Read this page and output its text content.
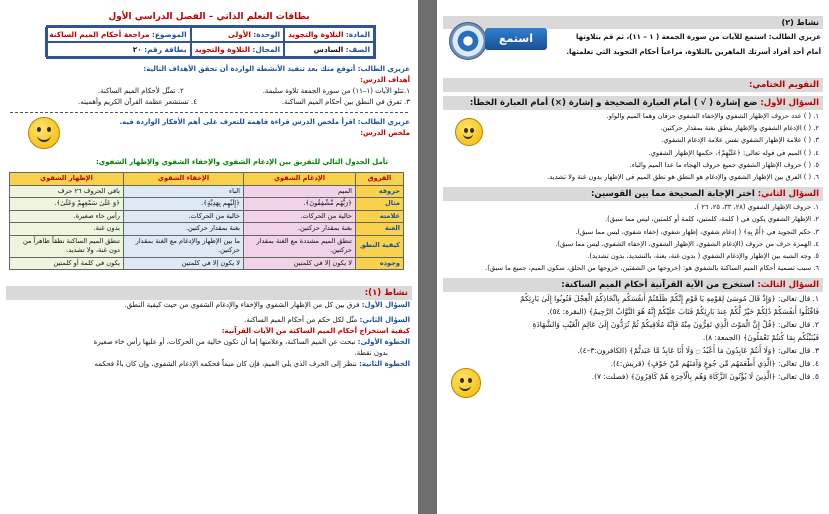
بطاقات التعلم الذاتي – الفصل الدراسي الأول
المادة: التلاوة والتجويد
الوحدة: الأولى
الموضوع: مراجعة أحكام الميم الساكنة
الصف: السادس
المجال: التلاوة والتجويد
بطاقة رقم: ٢٠
عزيزي الطالب: أتوقع منك بعد تنفيذ الأنشطة الواردة أن تحقق الأهداف التالية:
أهداف الدرس:
١.تتلو الآيات (١–١١) من سورة الجمعة تلاوة سليمة.
٢. تمثّل لأحكام الميم الساكنة.
٣. تفرق في النطق بين أحكام الميم الساكنة.
٤. تستشعر عظمة القرآن الكريم وأهميته.
عزيزي الطالب: اقرأ ملخص الدرس قراءة فاهمة للتعرف على أهم الأفكار الواردة فيه.
ملخص الدرس:
تأمل الجدول التالي للتفريق بين الإدغام الشفوي والإخفاء الشفوي والإظهار الشفوي:
الفروق	الإدغام الشفوي	الإخفاء الشفوي	الإظهار الشفوي
حروفه	الميم	الباء	باقي الحروف ٢٦ حرف
مثال	﴿رَبُّهُم مِّشْفِقُونَ﴾.	﴿إِلَيْهِم بِهَدِيَّةٍ﴾.	﴿وَ عَلَىٰ سَمْعِهِمْ وَعَلَىٰ﴾.
علامته	خالية من الحركات.	خالية من الحركات.	رأس خاء صغيرة.
الغنة	بغنة بمقدار حركتين.	بغنة بمقدار حركتين.	بدون غنة.
كيفية النطق	تنطق الميم مشددة مع الغنة بمقدار حركتين.	ما بين الإظهار والإدغام مع الغنة بمقدار حركتين.	تنطق الميم الساكنة نطقاً ظاهراً من دون غنة، ولا تشديد.
وجوده	لا يكون إلا في كلمتين	لا يكون إلا في كلمتين	يكون في كلمة أو كلمتين
نشاط (١):
السؤال الأول: فرق بين كل من الإظهار الشفوي والإخفاء والإدغام الشفوي من حيث كيفية النطق.
السؤال الثاني: مثّل لكل حكم من أحكام الميم الساكنة.
كيفية استخراج أحكام الميم الساكنة من الآيات القرآنية:
الخطوة الأولى: نبحث عن الميم الساكنة، وعلامتها إما أن تكون خالية من الحركات، أو عليها رأس خاء صغيرة
بدون نقطة.
الخطوة الثانية: ننظر إلى الحرف الذي يلي الميم، فإن كان ميماً فحكمه الإدغام الشفوي، وإن كان باءً فحكمه
نشاط (٢)
عزيزي الطالب: استمع للآيات من سورة الجمعة ( ١ – ١١)، ثم قم بتلاوتها
أمام أحد أفراد أسرتك الماهرين بالتلاوة، مراعياً أحكام التجويد التي تعلمتها.
استمع للنص
التقويم الختامي:
السؤال الأول: ضع إشارة ( √ ) أمام العبارة الصحيحة و إشارة (×) أمام العبارة الخطأ:
١. ( ) عدد حروف الإظهار الشفوي والإخفاء الشفوي حرفان وهما الميم والواو.
٢. ( ) الإدغام الشفوي والإظهار ينطق بغنة بمقدار حركتين.
٣. ( ) علامة الإظهار الشفوي نفس علامة الإدغام الشفوي.
٤. ( ) الميم في قوله تعالى: ﴿عَلَيْهِمْ﴾، حكمها الإظهار الشفوي.
٥. ( ) حروف الإظهار الشفوي جميع حروف الهجاء ما عدا الميم والباء.
٦. ( ) الفرق بين الإظهار الشفوي والإدغام هو النطق هو نطق الميم في الإظهار بدون غنة ولا تشديد.
السؤال الثاني: اختر الإجابة الصحيحة مما بين القوسين:
١. حروف الإظهار الشفوي (٢٨، ٣٣، ٢٥، ٢٦ ).
٢. الإظهار الشفوي يكون في ( كلمة، كلمتين، كلمة أو كلمتين، ليس مما سبق).
٣. حكم التجويد في ﴿أَمْ بِهِ﴾ ( إدغام شفوي، إظهار شفوي، إخفاء شفوي، ليس مما سبق).
٤. الهمزة حرف من حروف (الإدغام الشفوي، الإظهار الشفوي، الإخفاء الشفوي، ليس مما سبق).
٥. وجه الشبه بين الإظهار والإدغام الشفوي ( بدون غنة، بغنة، بالتشديد، بدون تشديد).
٦. سبب تسمية أحكام الميم الساكنة بالشفوي هو: (خروجها من الشفتين، خروجها من الحلق، سكون الميم، جميع ما سبق).
السؤال الثالث: استخرج من الآية القرآنية أحكام الميم الساكنة:
١. قال تعالى: ﴿وَإِذْ قَالَ مُوسَىٰ لِقَوْمِهِ يَا قَوْمِ إِنَّكُمْ ظَلَمْتُمْ أَنفُسَكُم بِاتِّخَاذِكُمُ الْعِجْلَ فَتُوبُوا إِلَىٰ بَارِئِكُمْ
فَاقْتُلُوا أَنفُسَكُمْ ذَٰلِكُمْ خَيْرٌ لَّكُمْ عِندَ بَارِئِكُمْ فَتَابَ عَلَيْكُمْ إِنَّهُ هُوَ التَّوَّابُ الرَّحِيمُ﴾ (البقرة: ٥٤).
٢. قال تعالى: ﴿قُلْ إِنَّ الْمَوْتَ الَّذِي تَفِرُّونَ مِنْهُ فَإِنَّهُ مُلَاقِيكُمْ ثُمَّ تُرَدُّونَ إِلَىٰ عَالِمِ الْغَيْبِ وَالشَّهَادَةِ
فَيُنَبِّئُكُم بِمَا كُنتُمْ تَعْمَلُونَ﴾ (الجمعة: ٨).
٣. قال تعالى: ﴿وَلَا أَنتُمْ عَابِدُونَ مَا أَعْبُدُ ۝ وَلَا أَنَا عَابِدٌ مَّا عَبَدتُّمْ﴾ (الكافرون:٣–٤).
٤. قال تعالى: ﴿الَّذِي أَطْعَمَهُم مِّن جُوعٍ وَآمَنَهُم مِّنْ خَوْفٍ﴾ (قريش:٤).
٥. قال تعالى: ﴿الَّذِينَ لَا يُؤْتُونَ الزَّكَاةَ وَهُم بِالْآخِرَةِ هُمْ كَافِرُونَ﴾ (فصلت: ٧).
